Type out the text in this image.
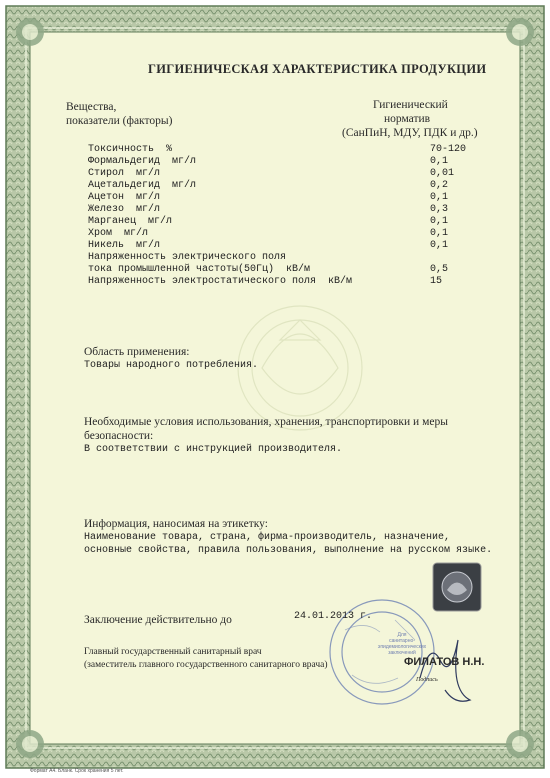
ГИГИЕНИЧЕСКАЯ ХАРАКТЕРИСТИКА ПРОДУКЦИИ
Вещества,
показатели (факторы)
Гигиенический
норматив
(СанПиН, МДУ, ПДК и др.)
Токсичность  %	70-120
Формальдегид  мг/л	0,1
Стирол  мг/л	0,01
Ацетальдегид  мг/л	0,2
Ацетон  мг/л	0,1
Железо  мг/л	0,3
Марганец  мг/л	0,1
Хром  мг/л	0,1
Никель  мг/л	0,1
Напряженность электрического поля
тока промышленной частоты(50Гц)  кВ/м	0,5
Напряженность электростатического поля  кВ/м	15
Область применения:
Товары народного потребления.
Необходимые условия использования, хранения, транспортировки и меры
безопасности:
В соответствии с инструкцией производителя.
Информация, наносимая на этикетку:
Наименование товара, страна, фирма-производитель, назначение,
основные свойства, правила пользования, выполнение на русском языке.
Заключение действительно до	24.01.2013 г.
Главный государственный санитарный врач
(заместитель главного государственного санитарного врача)	ФИЛАТОВ Н.Н.
Подпись
Для
санитарно-
эпидемиологических
заключений
Формат А4. Бланк. Срок хранения 5 лет.
